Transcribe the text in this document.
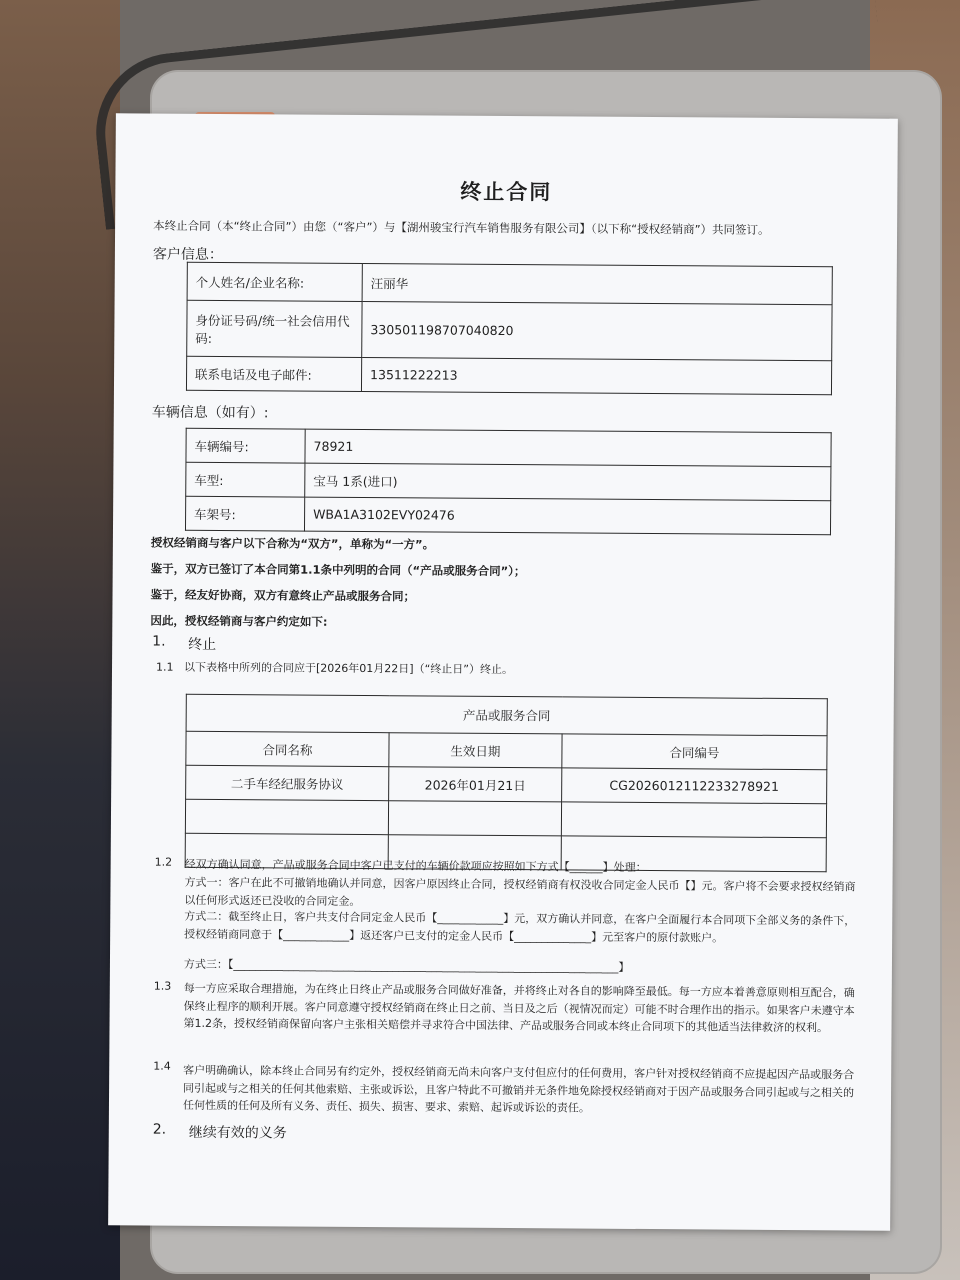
终止合同
本终止合同（本“终止合同”）由您（“客户”）与【湖州骏宝行汽车销售服务有限公司】（以下称“授权经销商”）共同签订。
客户信息：
个人姓名/企业名称:	汪丽华
身份证号码/统一社会信用代码:	330501198707040820
联系电话及电子邮件:	13511222213
车辆信息（如有）:
车辆编号:	78921
车型:	宝马 1系(进口)
车架号:	WBA1A3102EVY02476
授权经销商与客户以下合称为“双方”，单称为“一方”。
鉴于，双方已签订了本合同第1.1条中列明的合同（“产品或服务合同”）；
鉴于，经友好协商，双方有意终止产品或服务合同；
因此，授权经销商与客户约定如下:
1. 终止
1.1 以下表格中所列的合同应于[2026年01月22日]（“终止日”）终止。
产品或服务合同		
合同名称	生效日期	合同编号
二手车经纪服务协议	2026年01月21日	CG2026012112233278921

1.2 经双方确认同意，产品或服务合同中客户已支付的车辆价款项应按照如下方式【______】处理：
方式一：客户在此不可撤销地确认并同意，因客户原因终止合同，授权经销商有权没收合同定金人民币【】元。客户将不会要求授权经销商以任何形式返还已没收的合同定金。
方式二：截至终止日，客户共支付合同定金人民币【____________】元，双方确认并同意，在客户全面履行本合同项下全部义务的条件下，授权经销商同意于【____________】返还客户已支付的定金人民币【______________】元至客户的原付款账户。
方式三：【______________________________________________________________________】
1.3 每一方应采取合理措施，为在终止日终止产品或服务合同做好准备，并将终止对各自的影响降至最低。每一方应本着善意原则相互配合，确保终止程序的顺利开展。客户同意遵守授权经销商在终止日之前、当日及之后（视情况而定）可能不时合理作出的指示。如果客户未遵守本第1.2条，授权经销商保留向客户主张相关赔偿并寻求符合中国法律、产品或服务合同或本终止合同项下的其他适当法律救济的权利。
1.4 客户明确确认，除本终止合同另有约定外，授权经销商无尚未向客户支付但应付的任何费用，客户针对授权经销商不应提起因产品或服务合同引起或与之相关的任何其他索赔、主张或诉讼，且客户特此不可撤销并无条件地免除授权经销商对于因产品或服务合同引起或与之相关的任何性质的任何及所有义务、责任、损失、损害、要求、索赔、起诉或诉讼的责任。
2. 继续有效的义务
